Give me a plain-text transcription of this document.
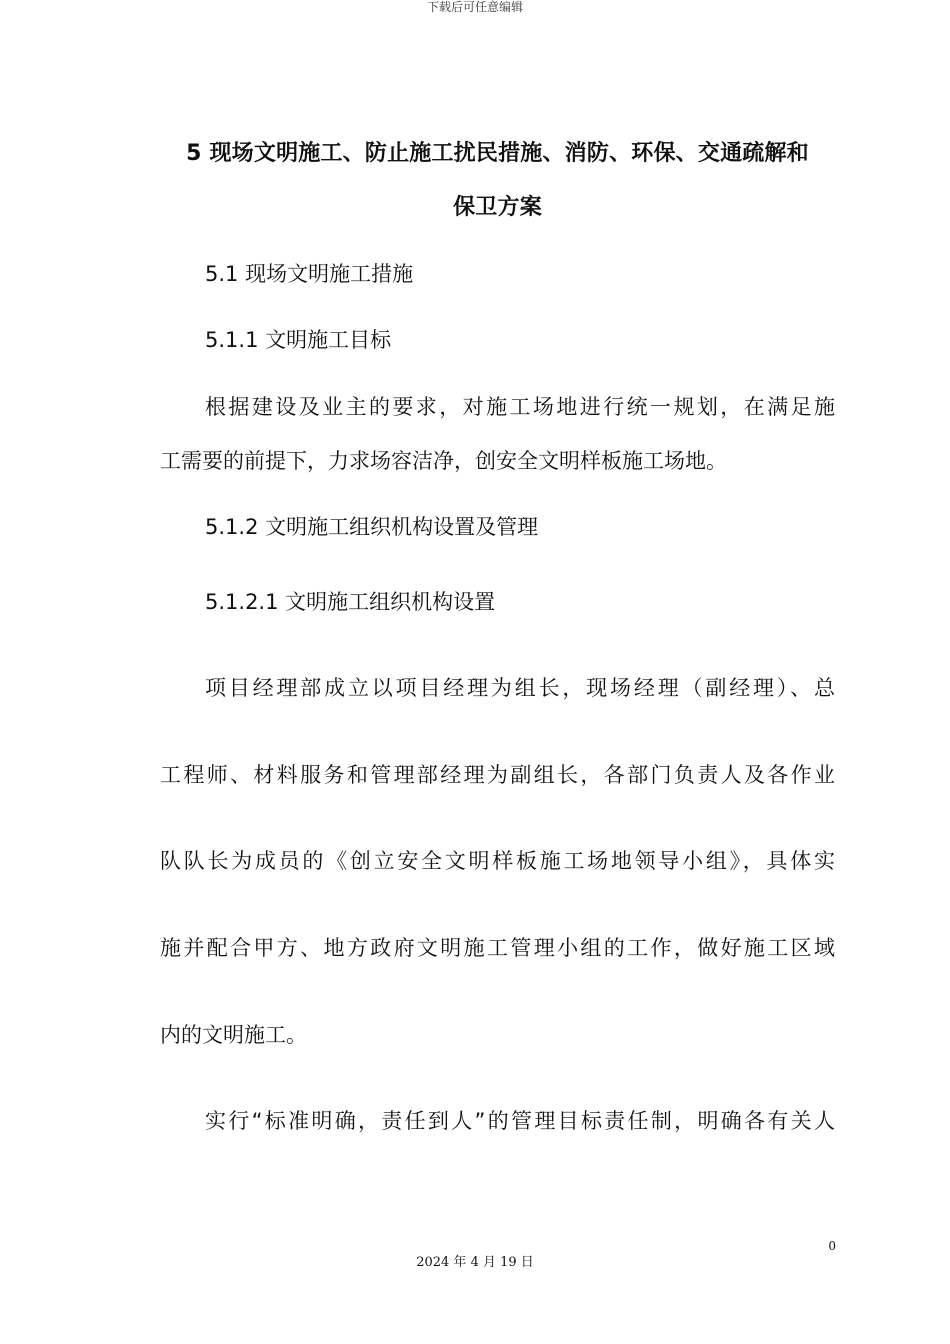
下载后可任意编辑
5 现场文明施工、防止施工扰民措施、消防、环保、交通疏解和
保卫方案
5.1 现场文明施工措施
5.1.1 文明施工目标
根据建设及业主的要求，对施工场地进行统一规划，在满足施
工需要的前提下，力求场容洁净，创安全文明样板施工场地。
5.1.2 文明施工组织机构设置及管理
5.1.2.1 文明施工组织机构设置
项目经理部成立以项目经理为组长，现场经理（副经理）、总
工程师、材料服务和管理部经理为副组长，各部门负责人及各作业
队队长为成员的《创立安全文明样板施工场地领导小组》，具体实
施并配合甲方、地方政府文明施工管理小组的工作，做好施工区域
内的文明施工。
实行“标准明确，责任到人”的管理目标责任制，明确各有关人
0
2024 年 4 月 19 日
